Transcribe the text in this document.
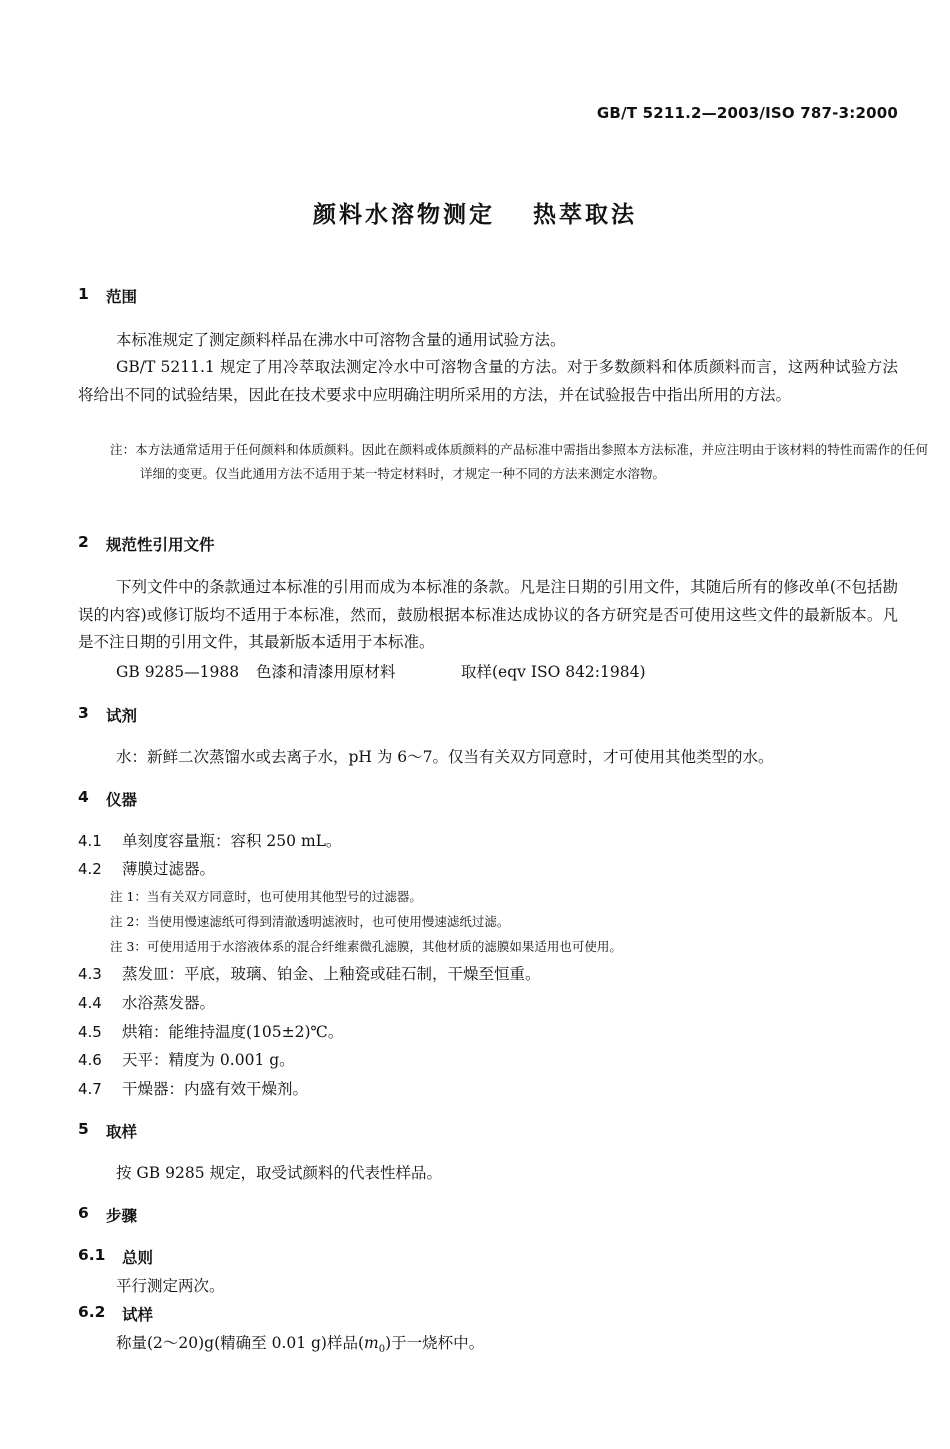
GB/T 5211.2—2003/ISO 787-3:2000
颜料水溶物测定 热萃取法
1 范围
本标准规定了测定颜料样品在沸水中可溶物含量的通用试验方法。
GB/T 5211.1 规定了用冷萃取法测定冷水中可溶物含量的方法。对于多数颜料和体质颜料而言，这两种试验方法将给出不同的试验结果，因此在技术要求中应明确注明所采用的方法，并在试验报告中指出所用的方法。
注：本方法通常适用于任何颜料和体质颜料。因此在颜料或体质颜料的产品标准中需指出参照本方法标准，并应注明由于该材料的特性而需作的任何详细的变更。仅当此通用方法不适用于某一特定材料时，才规定一种不同的方法来测定水溶物。
2 规范性引用文件
下列文件中的条款通过本标准的引用而成为本标准的条款。凡是注日期的引用文件，其随后所有的修改单(不包括勘误的内容)或修订版均不适用于本标准，然而，鼓励根据本标准达成协议的各方研究是否可使用这些文件的最新版本。凡是不注日期的引用文件，其最新版本适用于本标准。
GB 9285—1988 色漆和清漆用原材料	取样(eqv ISO 842:1984)
3 试剂
水：新鲜二次蒸馏水或去离子水，pH 为 6～7。仅当有关双方同意时，才可使用其他类型的水。
4 仪器
4.1 单刻度容量瓶：容积 250 mL。
4.2 薄膜过滤器。
注 1：当有关双方同意时，也可使用其他型号的过滤器。
注 2：当使用慢速滤纸可得到清澈透明滤液时，也可使用慢速滤纸过滤。
注 3：可使用适用于水溶液体系的混合纤维素微孔滤膜，其他材质的滤膜如果适用也可使用。
4.3 蒸发皿：平底，玻璃、铂金、上釉瓷或硅石制，干燥至恒重。
4.4 水浴蒸发器。
4.5 烘箱：能维持温度(105±2)℃。
4.6 天平：精度为 0.001 g。
4.7 干燥器：内盛有效干燥剂。
5 取样
按 GB 9285 规定，取受试颜料的代表性样品。
6 步骤
6.1 总则
平行测定两次。
6.2 试样
称量(2～20)g(精确至 0.01 g)样品$(m_0)$于一烧杯中。
